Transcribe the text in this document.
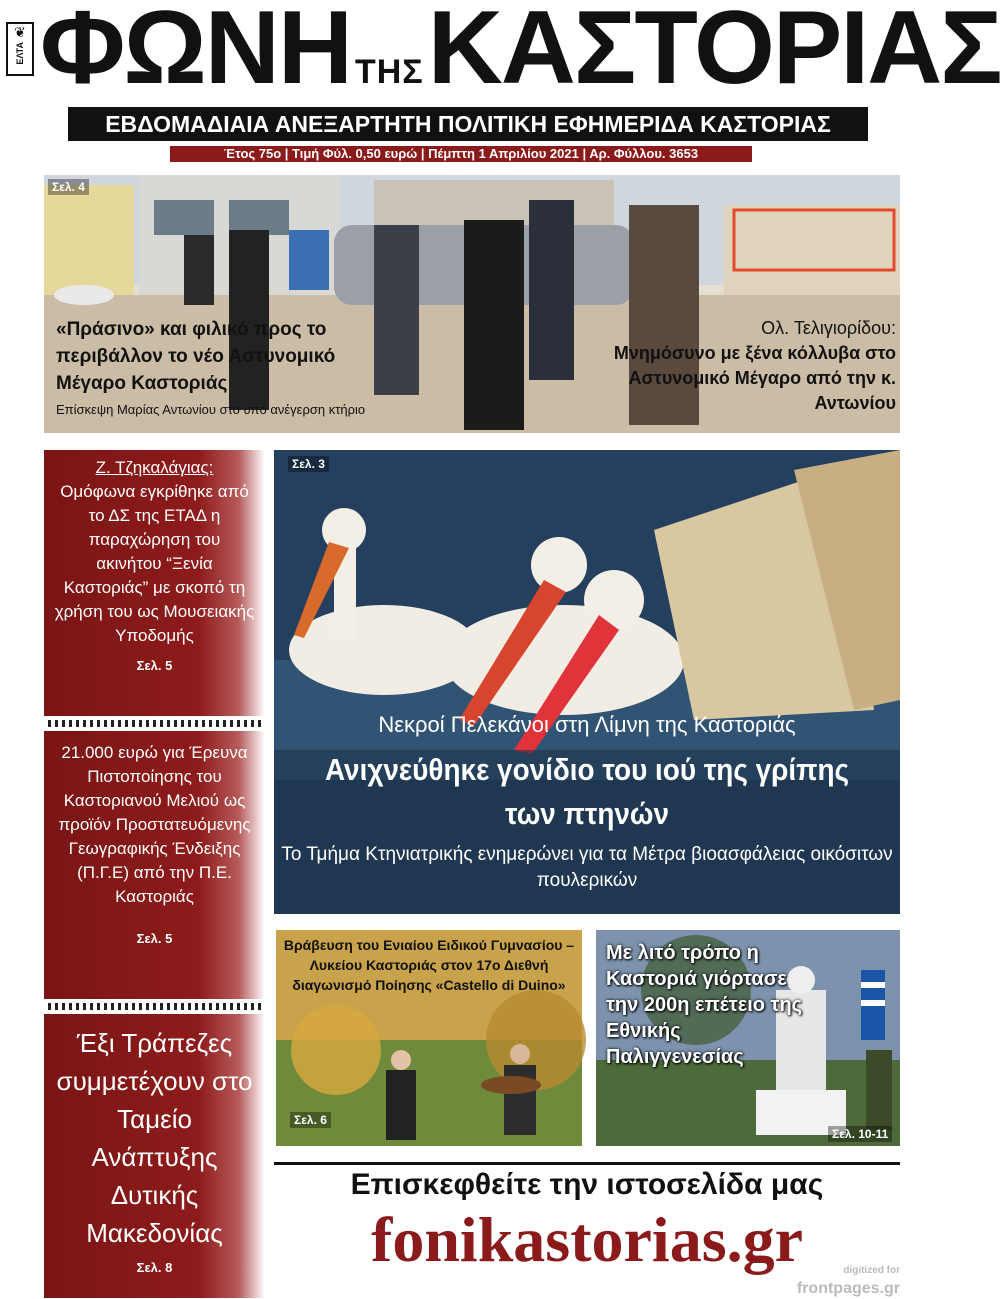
❦
ΕΛΤΑ ΦΩΝΗ ΤΗΣΚΑΣΤΟΡΙΑΣ
ΕΒΔΟΜΑΔΙΑΙΑ ΑΝΕΞΑΡΤΗΤΗ ΠΟΛΙΤΙΚΗ ΕΦΗΜΕΡΙΔΑ ΚΑΣΤΟΡΙΑΣ
Έτος 75ο | Τιμή Φύλ. 0,50 ευρώ | Πέμπτη 1 Απριλίου 2021 | Αρ. Φύλλου. 3653
Σελ. 4
«Πράσινο» και φιλικό προς το περιβάλλον το νέο Αστυνομικό Μέγαρο Καστοριάς
Επίσκεψη Μαρίας Αντωνίου στο υπό ανέγερση κτήριο
Ολ. Τελιγιορίδου:
Μνημόσυνο με ξένα κόλλυβα στο Αστυνομικό Μέγαρο από την κ. Αντωνίου
Ζ. Τζηκαλάγιας:
Ομόφωνα εγκρίθηκε από το ΔΣ της ΕΤΑΔ η παραχώρηση του ακινήτου “Ξενία Καστοριάς” με σκοπό τη χρήση του ως Μουσειακής Υποδομής
Σελ. 5
21.000 ευρώ για Έρευνα Πιστοποίησης του Καστοριανού Μελιού ως προϊόν Προστατευόμενης Γεωγραφικής Ένδειξης (Π.Γ.Ε) από την Π.Ε. Καστοριάς
Σελ. 5
Έξι Τράπεζες συμμετέχουν στο Ταμείο Ανάπτυξης Δυτικής Μακεδονίας
Σελ. 8
Σελ. 3
Νεκροί Πελεκάνοι στη Λίμνη της Καστοριάς
Ανιχνεύθηκε γονίδιο του ιού της γρίπης των πτηνών
Το Τμήμα Κτηνιατρικής ενημερώνει για τα Μέτρα βιοασφάλειας οικόσιτων πουλερικών
Σελ. 6
Βράβευση του Ενιαίου Ειδικού Γυμνασίου – Λυκείου Καστοριάς στον 17ο Διεθνή διαγωνισμό Ποίησης «Castello di Duino»
Σελ. 10-11
Με λιτό τρόπο η Καστοριά γιόρτασε την 200η επέτειο της Εθνικής Παλιγγενεσίας
Επισκεφθείτε την ιστοσελίδα μας
fonikastorias.gr	digitized for
frontpages.gr
